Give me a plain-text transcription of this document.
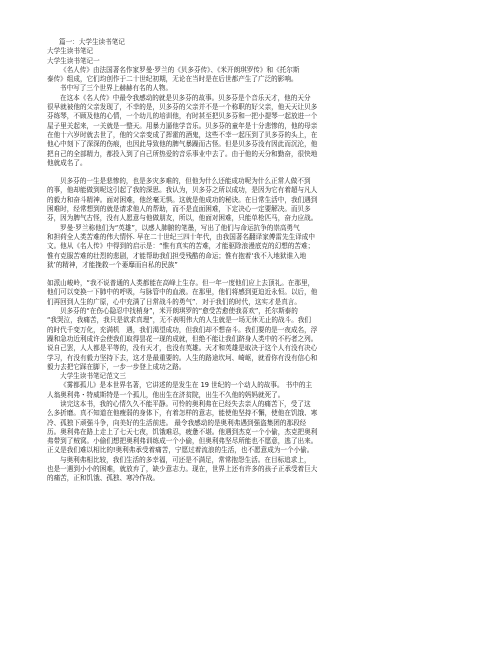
篇一：大学生读书笔记
大学生读书笔记
大学生读书笔记一
《名人传》由法国著名作家罗曼·罗兰的《贝多芬传》、《米开朗琪罗传》和《托尔斯
泰传》组成，它们均创作于二十世纪初期，无论在当时是在后世都产生了广泛的影响。
书中写了三个世界上赫赫有名的人物。
在这本《名人传》中最令我感动的就是贝多芬的故事。贝多芬是个音乐天才，他的天分
很早就被他的父亲发现了，不幸的是，贝多芬的父亲并不是一个称职的好父亲，他天天让贝多
芬练琴，不顾及他的心情，一个幼儿的培训他，有时甚至把贝多芬和一把小提琴一起放进一个
屋子里关起来，一关就是一整天。用暴力逼他学音乐。贝多芬的童年是十分悲惨的，他的母亲
在他十六岁时就去世了，他的父亲变成了挥霍的酒鬼，这些不幸一起压到了贝多芬的头上，在
他心中刻下了深深的伤痕，也因此导致他的脾气暴躁而古怪。但是贝多芬没有因此而沉沦，他
把自己的全部精力，都投入到了自己所热爱的音乐事业中去了。由于他的天分和勤奋，很快地
他就成名了。
贝多芬的一生是悲惨的，也是多灾多难的，但他为什么还能成功呢为什么正常人做不到
的事，他却能做到呢这引起了我的深思。我认为，贝多芬之所以成功，是因为它有着超与凡人
的毅力和奋斗精神。面对困难，他丝毫无惧。这就是他成功的秘诀。在日常生活中，我们遇到
困难时，经常想到的就是请求他人的帮助，而不是直面困难，下定决心一定要解决。而贝多
芬，因为脾气古怪，没有人愿意与他做朋友，所以，他面对困难，只能单枪匹马，奋力应战。
罗曼·罗兰称他们为“英雄”，以感人肺腑的笔墨，写出了他们与命运抗争的崇高勇气
和担荷全人类苦难的伟大情怀. 早在二十世纪三四十年代，由我国著名翻译家傅雷先生译成中
文。他从《名人传》中得到的启示是：“惟有真实的苦难，才能驱除浪漫底克的幻想的苦难；
惟有克服苦难的壮烈的悲剧，才能帮助我们担受残酷的命运；惟有抱着‘我不入地狱谁入地
狱’的精神，才能挽救一个萎靡而自私的民族”
如派山峻岭，“我不说普通的人类都能在高峰上生存。但一年一度他们应上去顶礼。在那里，
他们可以变换一下肺中的呼吸，与脉管中的血液。在那里，他们将感到更迫近永恒。以后，他
们再回到人生的广原，心中充满了日常战斗的勇气”．对于我们的时代，这实才是真言。
贝多芬的“在伤心隐忍中找梢身”，米开朗琪罗的“愈受苦愈使我喜欢”，托尔斯泰的
“我哭泣，我痛苦，我只是欲求真理”，无不表明伟大的人生就是一场无休无止的战斗。我们
的时代千变万化，充满机　遇，我们渴望成功，但我们却不想奋斗。我们要的是一夜成名，浮
躁和急功近利成许会使我们取得昙花一现的成就，但绝不能让我们跻身人类中的不朽者之列。
说自己罢，人人都是平等的，没有天才，也没有英雄。天才和英雄是取决于这个人有没有决心
学习，有没有毅力坚持下去，这才是最重要的。人生的路途坎坷、崎岖，就看你有没有信心和
毅力去把它踩在脚下，一步一步登上成功之路。
大学生读书笔记范文三
《雾都孤儿》是本世界名著，它讲述的是发生在 19 世纪的一个动人的故事。 书中的主
人翁奥利弗・特威斯特是一个孤儿，他出生在济贫院，出生不久他的妈妈就死了。
读完这本书，我的心情久久不能平静。可怜的奥利弗在已经失去亲人的痛苦下，受了这
么多折磨。真不知道在他瘦弱的身体下，有着怎样的意志，能使他坚持不懈，使他在饥饿、寒
冷、孤独下顽强斗争，向美好的生活前进。 最令我感动的是奥利弗遇到强盗集团的那段经
历。奥利弗在路上走上了七天七夜，饥饿难忍，疲惫不堪。他遇到杰克一个小偷，杰克把奥利
弗带到了贼窝。小偷们想把奥利弗训练成一个小偷，但奥利弗坚尽所能也不愿意，逃了出来。
正义是我们难以相比的!奥利弗承受着痛苦，宁愿过着流浪的生活，也不愿意成为一个小偷。
与奥利弗相比较，我们生活的多幸福，可还是不满足，常常抱怨生活。在目标追求上，
也是一遇到小小的困难，就放弃了，缺少意志力。现在，世界上还有许多的孩子正承受着巨大
的痛苦，正和饥饿、孤独、寒冷作战。
